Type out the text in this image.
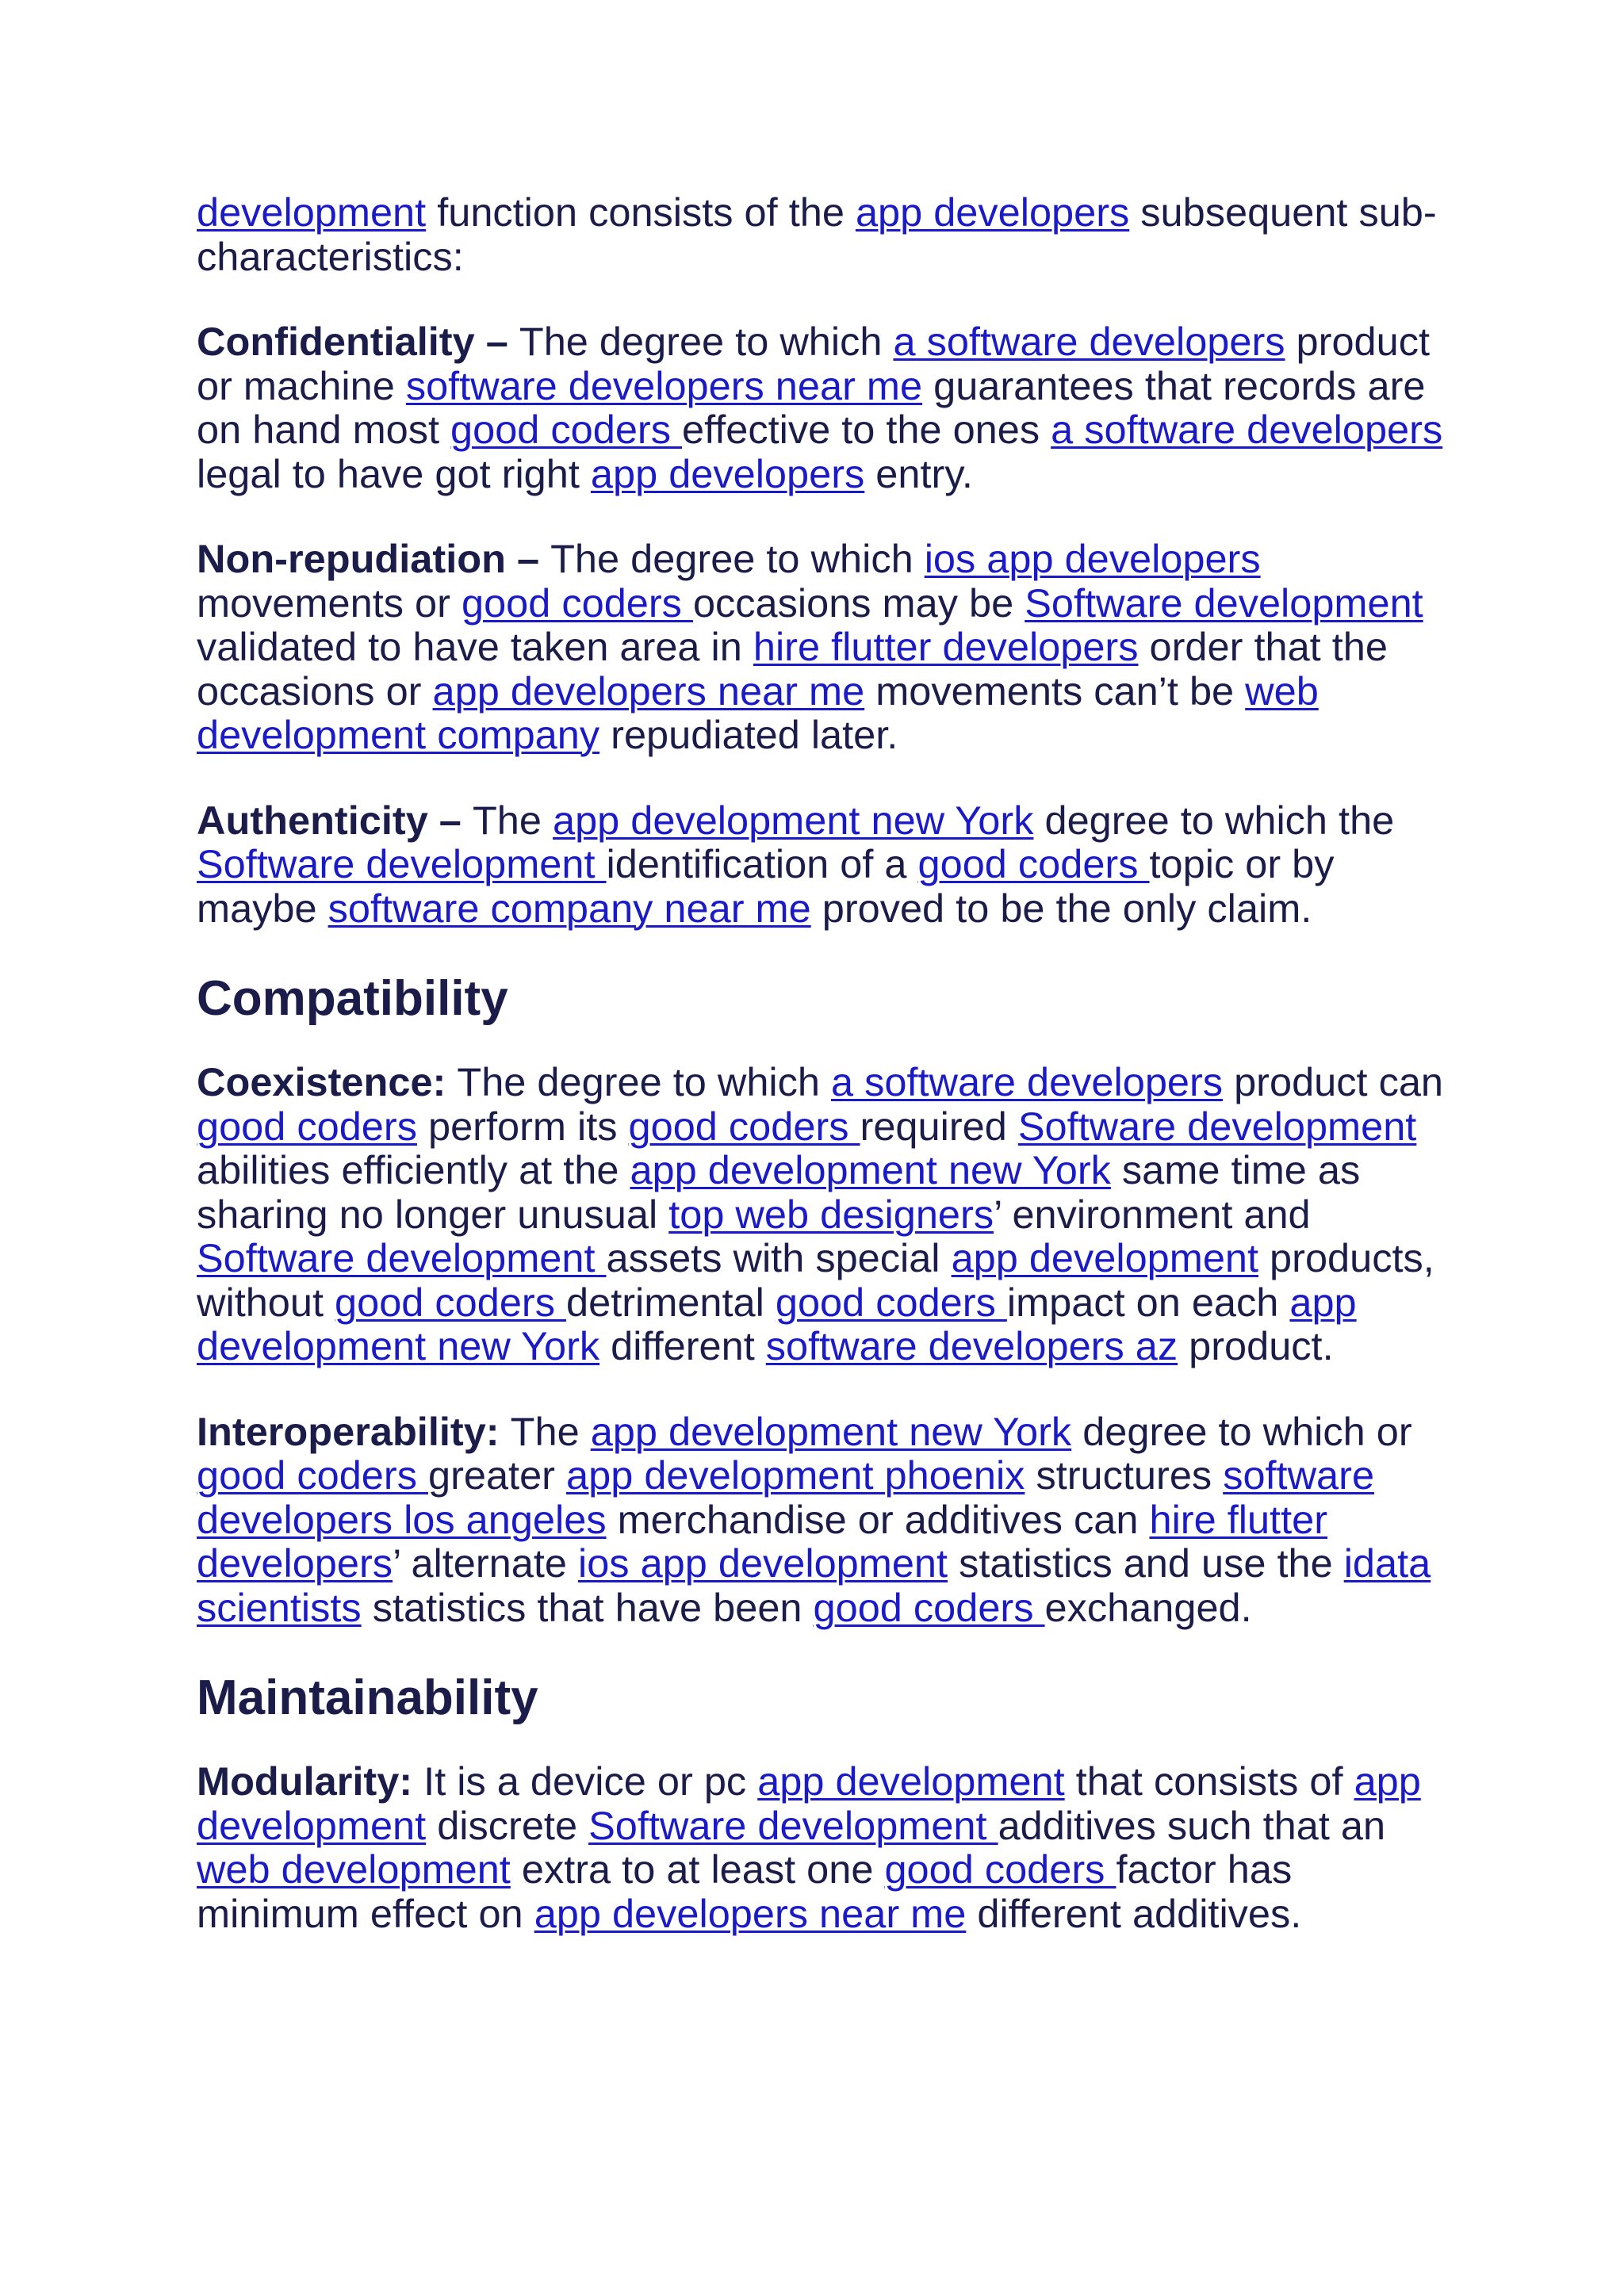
development function consists of the app developers subsequent sub-characteristics:

Confidentiality – The degree to which a software developers product or machine software developers near me guarantees that records are on hand most good coders effective to the ones a software developers legal to have got right app developers entry.

Non-repudiation – The degree to which ios app developers movements or good coders occasions may be Software development validated to have taken area in hire flutter developers order that the occasions or app developers near me movements can’t be web development company repudiated later.

Authenticity – The app development new York degree to which the Software development identification of a good coders topic or by maybe software company near me proved to be the only claim.

Compatibility

Coexistence: The degree to which a software developers product can good coders perform its good coders required Software development abilities efficiently at the app development new York same time as sharing no longer unusual top web designers’ environment and Software development assets with special app development products, without good coders detrimental good coders impact on each app development new York different software developers az product.

Interoperability: The app development new York degree to which or good coders greater app development phoenix structures software developers los angeles merchandise or additives can hire flutter developers’ alternate ios app development statistics and use the idata scientists statistics that have been good coders exchanged.

Maintainability

Modularity: It is a device or pc app development that consists of app development discrete Software development additives such that an web development extra to at least one good coders factor has minimum effect on app developers near me different additives.
